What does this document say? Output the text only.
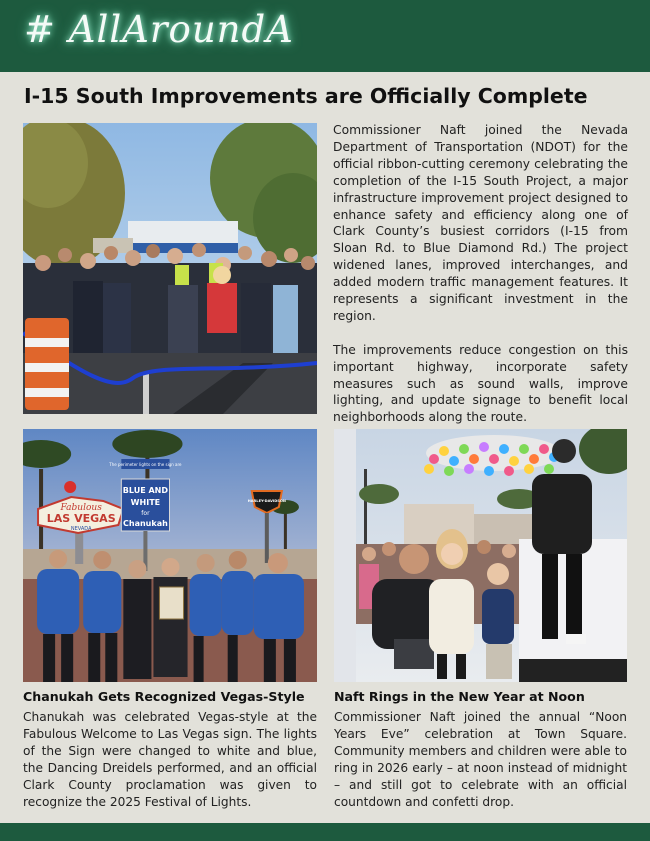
# AllAroundA
I-15 South Improvements are Officially Complete

Commissioner Naft joined the Nevada Department of Transportation (NDOT) for the official ribbon-cutting ceremony celebrating the completion of the I-15 South Project, a major infrastructure improvement project designed to enhance safety and efficiency along one of Clark County’s busiest corridors (I-15 from Sloan Rd. to Blue Diamond Rd.) The project widened lanes, improved interchanges, and added modern traffic management features. It represents a significant investment in the region.

The improvements reduce congestion on this important highway, incorporate safety measures such as sound walls, improve lighting, and update signage to benefit local neighborhoods along the route.

Fabulous
LAS VEGAS
NEVADA
The perimeter lights on the sign are
BLUE AND
WHITE
for
Chanukah
HARLEY-DAVIDSON
Chanukah Gets Recognized Vegas-Style Naft Rings in the New Year at Noon

Chanukah was celebrated Vegas-style at the Fabulous Welcome to Las Vegas sign. The lights of the Sign were changed to white and blue, the Dancing Dreidels performed, and an official Clark County proclamation was given to recognize the 2025 Festival of Lights.

Commissioner Naft joined the annual “Noon Years Eve” celebration at Town Square. Community members and children were able to ring in 2026 early – at noon instead of midnight – and still got to celebrate with an official countdown and confetti drop.
